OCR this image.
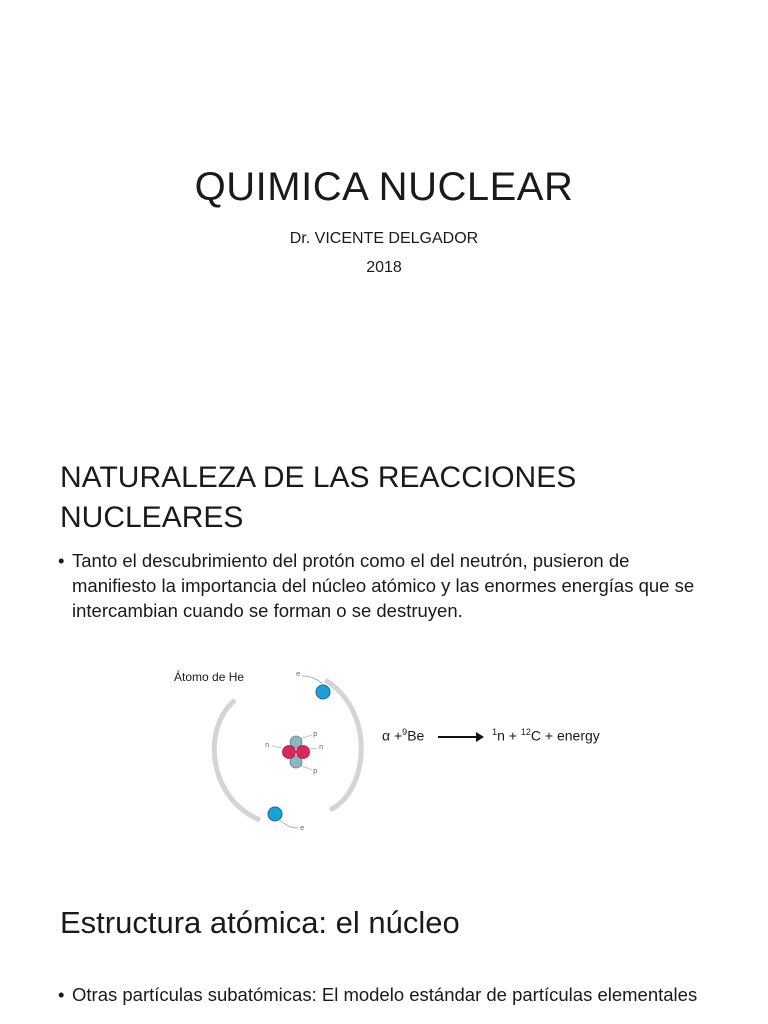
QUIMICA NUCLEAR

Dr. VICENTE DELGADOR

2018

NATURALEZA DE LAS REACCIONES
NUCLEARES
• Tanto el descubrimiento del protón como el del neutrón, pusieron de manifiesto la importancia del núcleo atómico y las enormes energías que se intercambian cuando se forman o se destruyen.
Átomo de He	e
e
p
p
n	n
α +$^9$Be → $^1$n + $^{12}$C + energy
Estructura atómica: el núcleo
• Otras partículas subatómicas: El modelo estándar de partículas elementales
